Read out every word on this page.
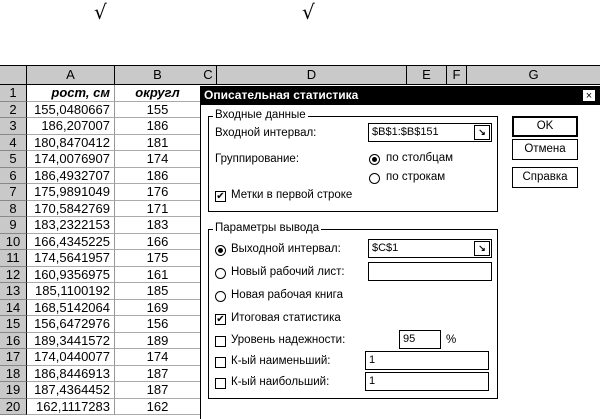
√	√
A	B
1	рост, см	округл
2	155,0480667	155
3	186,207007	186
4	180,8470412	181
5	174,0076907	174
6	186,4932707	186
7	175,9891049	176
8	170,5842769	171
9	183,2322153	183
10	166,4345225	166
11	174,5641957	175
12	160,9356975	161
13	185,1100192	185
14	168,5142064	169
15	156,6472976	156
16	189,3441572	189
17	174,0440077	174
18	186,8446913	187
19	187,4364452	187
20	162,1117283	162
C	D	E	F	G
Описательная статистика	×
Входные данные
Входной интервал:	$B$1:$B$151	↘
Группирование:	по столбцам
по строкам
✔ Метки в первой строке
Параметры вывода
Выходной интервал:	$C$1	↘
Новый рабочий лист:
Новая рабочая книга
✔ Итоговая статистика
Уровень надежности:	95	%
К-ый наименьший:	1
К-ый наибольший:	1
OK
Отмена
Справка
